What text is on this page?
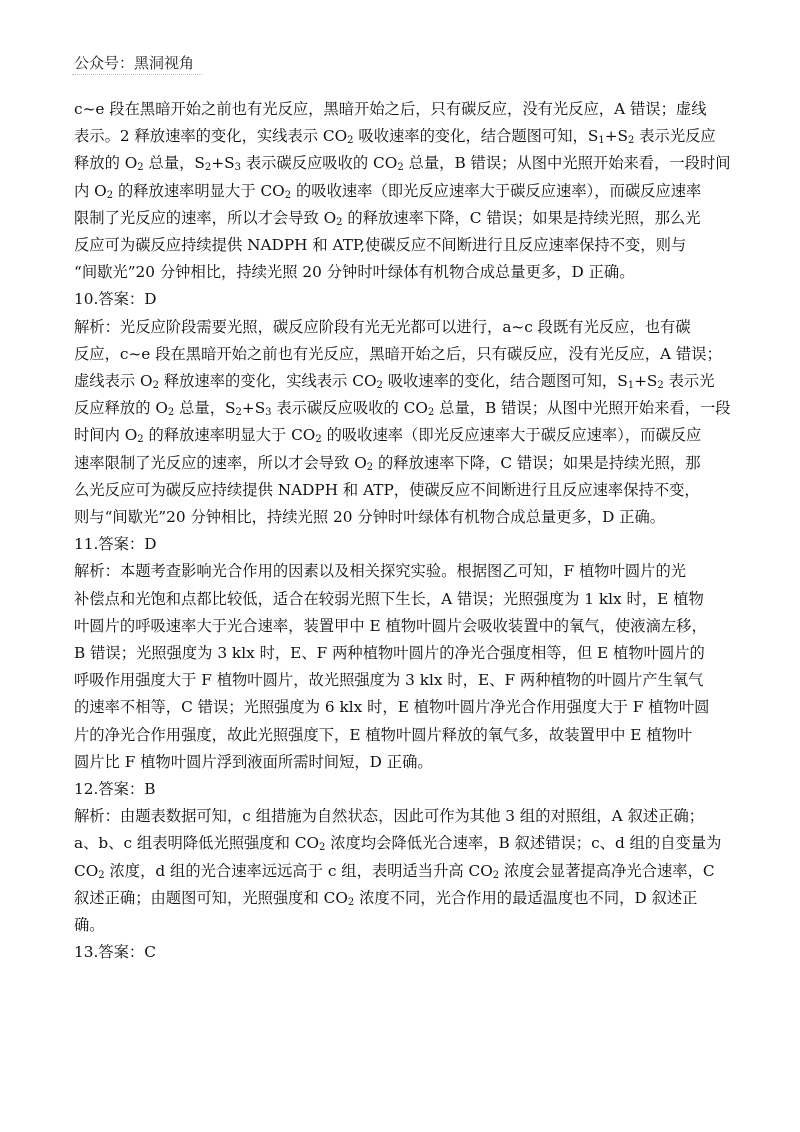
公众号：黑洞视角
c~e 段在黑暗开始之前也有光反应，黑暗开始之后，只有碳反应，没有光反应，A 错误；虚线
表示。2 释放速率的变化，实线表示 $CO_2$ 吸收速率的变化，结合题图可知，$S_1+S_2$ 表示光反应
释放的 $O_2$ 总量，$S_2+S_3$ 表示碳反应吸收的 $CO_2$ 总量，B 错误；从图中光照开始来看，一段时间
内 $O_2$ 的释放速率明显大于 $CO_2$ 的吸收速率（即光反应速率大于碳反应速率），而碳反应速率
限制了光反应的速率，所以才会导致 $O_2$ 的释放速率下降，C 错误；如果是持续光照，那么光
反应可为碳反应持续提供 NADPH 和 ATP,使碳反应不间断进行且反应速率保持不变，则与
“间歇光”20 分钟相比，持续光照 20 分钟时叶绿体有机物合成总量更多，D 正确。
10.答案：D
解析：光反应阶段需要光照，碳反应阶段有光无光都可以进行，a~c 段既有光反应，也有碳
反应，c~e 段在黑暗开始之前也有光反应，黑暗开始之后，只有碳反应，没有光反应，A 错误；
虚线表示 $O_2$ 释放速率的变化，实线表示 $CO_2$ 吸收速率的变化，结合题图可知，$S_1+S_2$ 表示光
反应释放的 $O_2$ 总量，$S_2+S_3$ 表示碳反应吸收的 $CO_2$ 总量，B 错误；从图中光照开始来看，一段
时间内 $O_2$ 的释放速率明显大于 $CO_2$ 的吸收速率（即光反应速率大于碳反应速率），而碳反应
速率限制了光反应的速率，所以才会导致 $O_2$ 的释放速率下降，C 错误；如果是持续光照，那
么光反应可为碳反应持续提供 NADPH 和 ATP，使碳反应不间断进行且反应速率保持不变，
则与“间歇光”20 分钟相比，持续光照 20 分钟时叶绿体有机物合成总量更多，D 正确。
11.答案：D
解析：本题考查影响光合作用的因素以及相关探究实验。根据图乙可知，F 植物叶圆片的光
补偿点和光饱和点都比较低，适合在较弱光照下生长，A 错误；光照强度为 1 klx 时，E 植物
叶圆片的呼吸速率大于光合速率，装置甲中 E 植物叶圆片会吸收装置中的氧气，使液滴左移，
B 错误；光照强度为 3 klx 时，E、F 两种植物叶圆片的净光合强度相等，但 E 植物叶圆片的
呼吸作用强度大于 F 植物叶圆片，故光照强度为 3 klx 时，E、F 两种植物的叶圆片产生氧气
的速率不相等，C 错误；光照强度为 6 klx 时，E 植物叶圆片净光合作用强度大于 F 植物叶圆
片的净光合作用强度，故此光照强度下，E 植物叶圆片释放的氧气多，故装置甲中 E 植物叶
圆片比 F 植物叶圆片浮到液面所需时间短，D 正确。
12.答案：B
解析：由题表数据可知，c 组措施为自然状态，因此可作为其他 3 组的对照组，A 叙述正确；
a、b、c 组表明降低光照强度和 $CO_2$ 浓度均会降低光合速率，B 叙述错误；c、d 组的自变量为
$CO_2$ 浓度，d 组的光合速率远远高于 c 组，表明适当升高 $CO_2$ 浓度会显著提高净光合速率，C
叙述正确；由题图可知，光照强度和 $CO_2$ 浓度不同，光合作用的最适温度也不同，D 叙述正
确。
13.答案：C
